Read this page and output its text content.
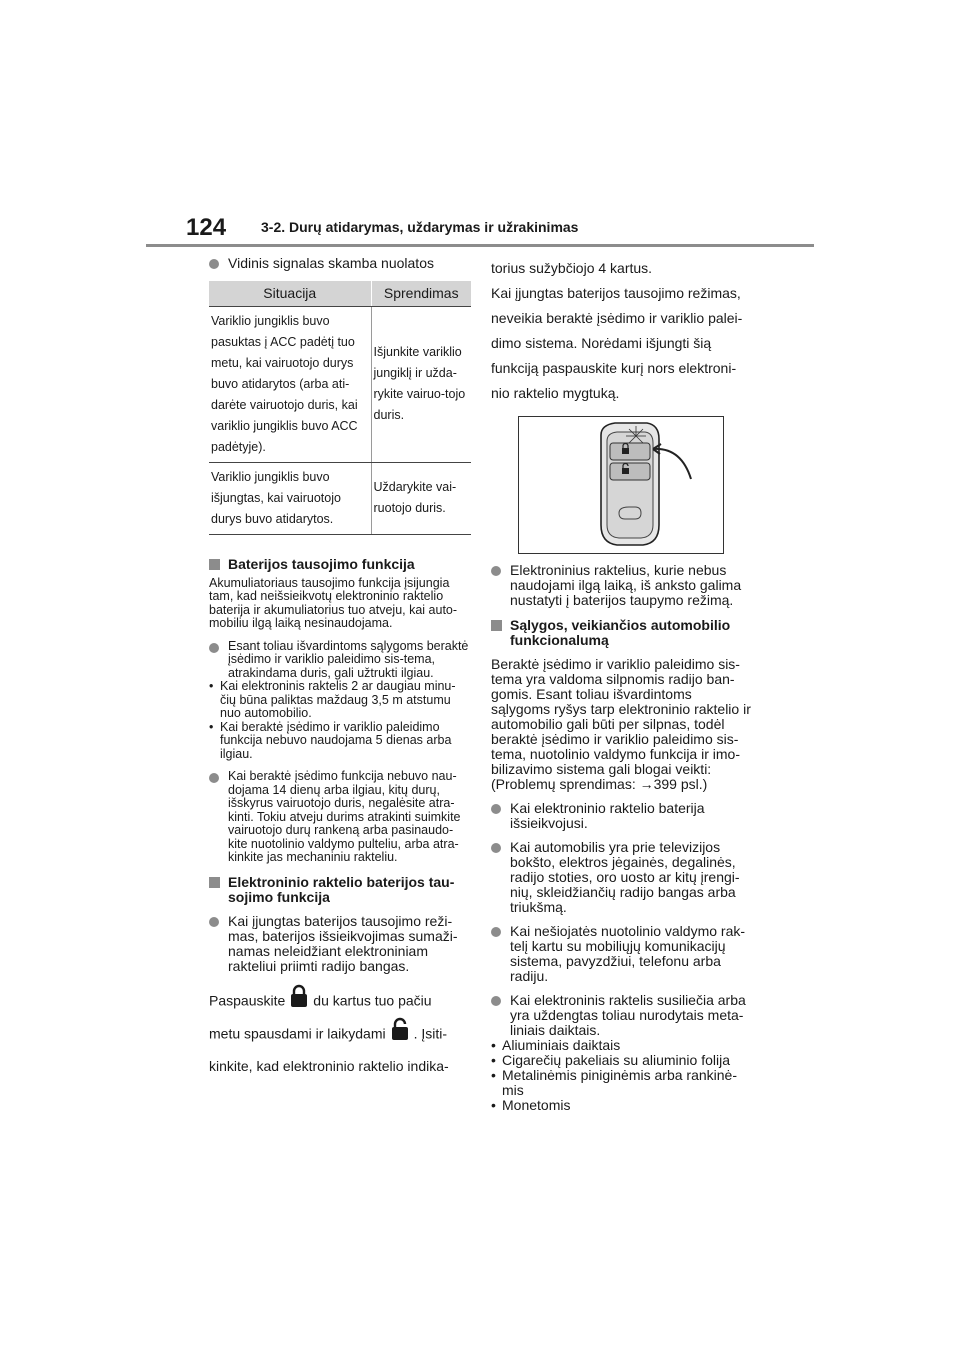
124 3-2. Durų atidarymas, uždarymas ir užrakinimas
Vidinis signalas skamba nuolatos
Situacija	Sprendimas
Variklio jungiklis buvo pasuktas į ACC padėtį tuo metu, kai vairuotojo durys buvo atidarytos (arba ati-darėte vairuotojo duris, kai variklio jungiklis buvo ACC padėtyje).	Išjunkite variklio jungiklį ir užda-rykite vairuo-tojo duris.
Variklio jungiklis buvo išjungtas, kai vairuotojo durys buvo atidarytos.	Uždarykite vai-ruotojo duris.
Baterijos tausojimo funkcija
Akumuliatoriaus tausojimo funkcija įsijungia tam, kad neišsieikvotų elektroninio raktelio baterija ir akumuliatorius tuo atveju, kai auto-mobiliu ilgą laiką nesinaudojama.
Esant toliau išvardintoms sąlygoms beraktė įsėdimo ir variklio paleidimo sis-tema, atrakindama duris, gali užtrukti ilgiau.
• Kai elektroninis raktelis 2 ar daugiau minu-čių būna paliktas maždaug 3,5 m atstumu nuo automobilio.
• Kai beraktė įsėdimo ir variklio paleidimo funkcija nebuvo naudojama 5 dienas arba ilgiau.
Kai beraktė įsėdimo funkcija nebuvo nau-dojama 14 dienų arba ilgiau, kitų durų, išskyrus vairuotojo duris, negalėsite atra-kinti. Tokiu atveju durims atrakinti suimkite vairuotojo durų rankeną arba pasinaudo-kite nuotolinio valdymo pulteliu, arba atra-kinkite jas mechaniniu rakteliu.
Elektroninio raktelio baterijos tau-sojimo funkcija
Kai įjungtas baterijos tausojimo reži-mas, baterijos išsieikvojimas sumaži-namas neleidžiant elektroniniam rakteliui priimti radijo bangas.
Paspauskite du kartus tuo pačiu
metu spausdami ir laikydami . Įsiti-
kinkite, kad elektroninio raktelio indika-
torius sužybčiojo 4 kartus.
Kai įjungtas baterijos tausojimo režimas, neveikia beraktė įsėdimo ir variklio palei-dimo sistema. Norėdami išjungti šią funkciją paspauskite kurį nors elektroni-nio raktelio mygtuką.
Elektroninius raktelius, kurie nebus naudojami ilgą laiką, iš anksto galima nustatyti į baterijos taupymo režimą.
Sąlygos, veikiančios automobilio funkcionalumą
Beraktė įsėdimo ir variklio paleidimo sis-tema yra valdoma silpnomis radijo ban-gomis. Esant toliau išvardintoms sąlygoms ryšys tarp elektroninio raktelio ir automobilio gali būti per silpnas, todėl beraktė įsėdimo ir variklio paleidimo sis-tema, nuotolinio valdymo funkcija ir imo-bilizavimo sistema gali blogai veikti: (Problemų sprendimas: →399 psl.)
Kai elektroninio raktelio baterija išsieikvojusi.
Kai automobilis yra prie televizijos bokšto, elektros jėgainės, degalinės, radijo stoties, oro uosto ar kitų įrengi-nių, skleidžiančių radijo bangas arba triukšmą.
Kai nešiojatės nuotolinio valdymo rak-telį kartu su mobiliųjų komunikacijų sistema, pavyzdžiui, telefonu arba radiju.
Kai elektroninis raktelis susiliečia arba yra uždengtas toliau nurodytais meta-liniais daiktais.
• Aliuminiais daiktais
• Cigarečių pakeliais su aliuminio folija
• Metalinėmis piniginėmis arba rankinė-mis
• Monetomis
